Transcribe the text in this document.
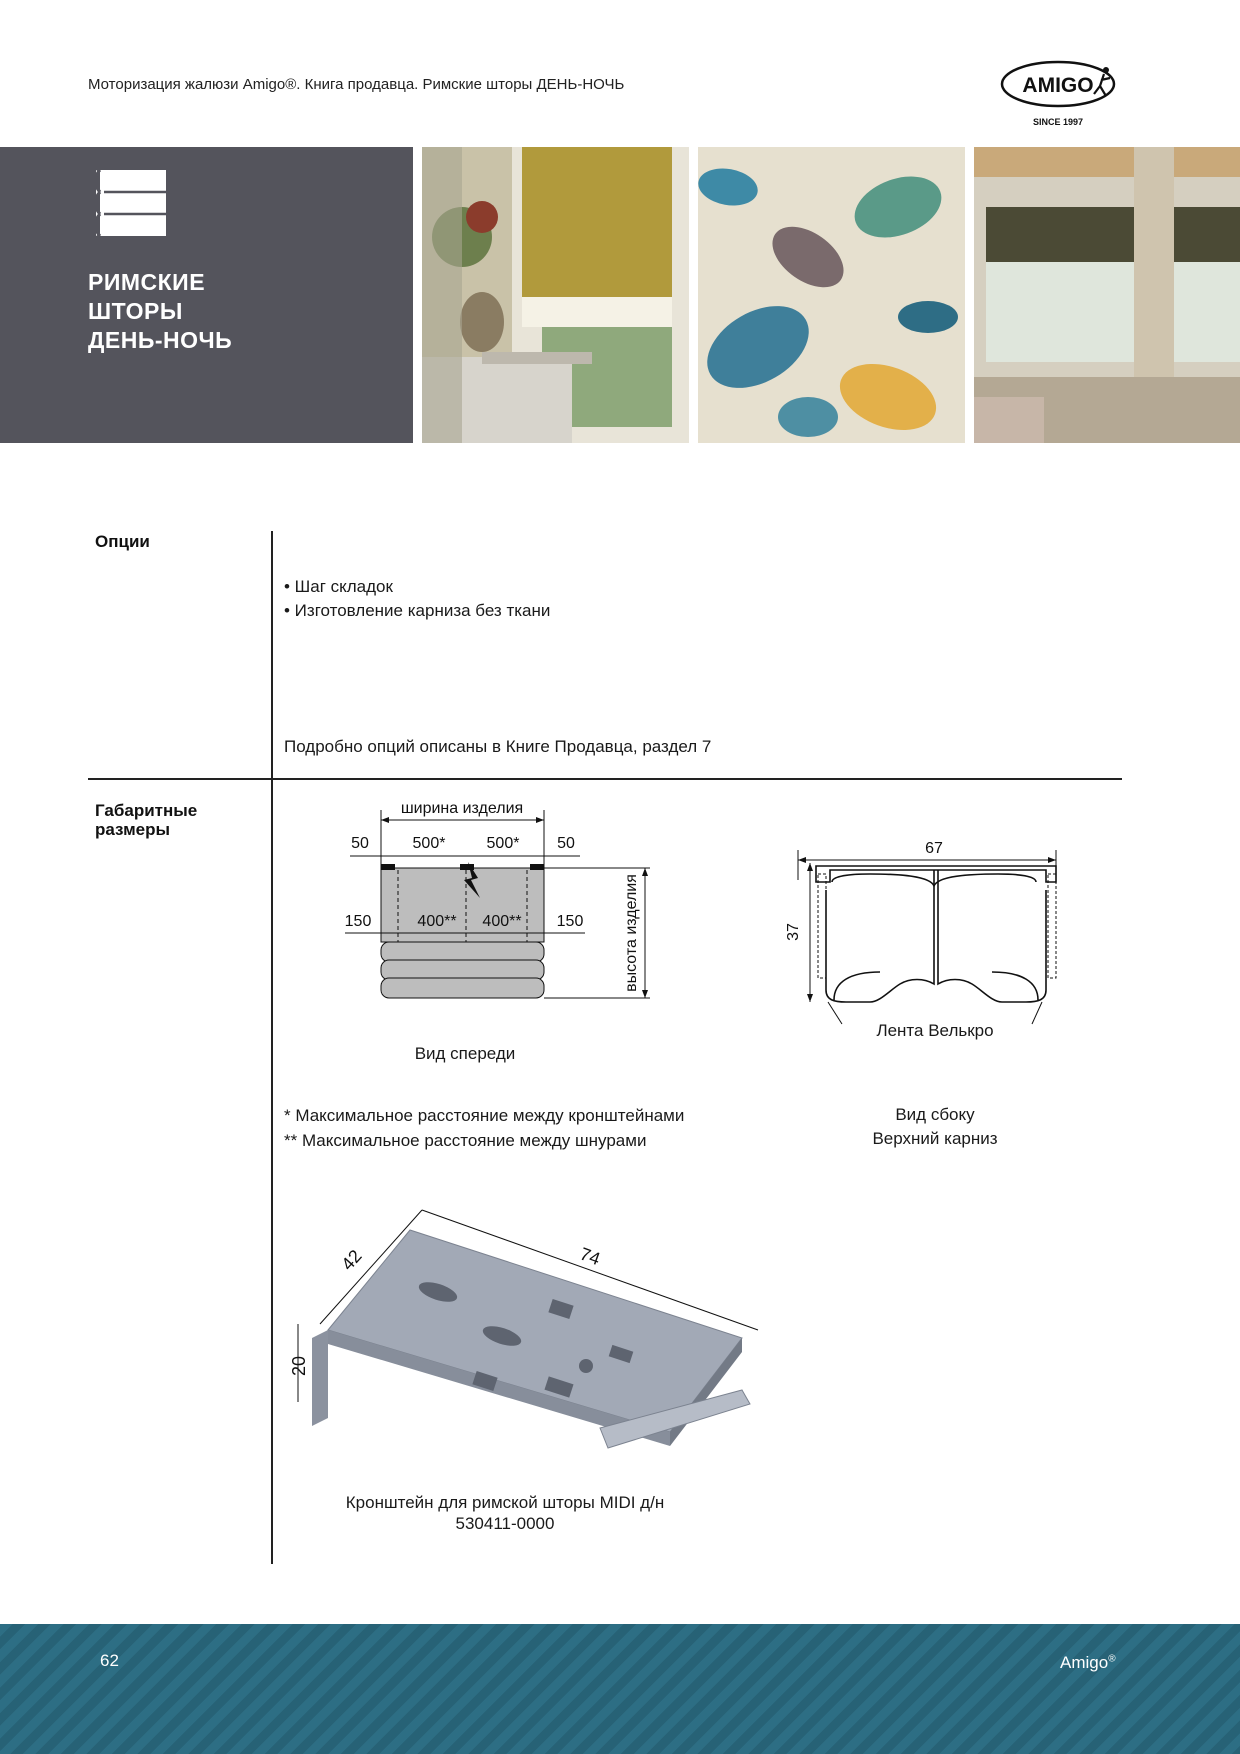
Моторизация жалюзи Amigo®. Книга продавца. Римские шторы ДЕНЬ-НОЧЬ	AMIGO
SINCE 1997
РИМСКИЕ
ШТОРЫ
ДЕНЬ-НОЧЬ
Опции
• Шаг складок
• Изготовление карниза без ткани
Подробно опций описаны в Книге Продавца, раздел 7
Габаритные
размеры
ширина изделия
50	500*	500* 50
150	400** 400** 150 высота изделия
Вид спереди
67
37
Лента Велькро
* Максимальное расстояние между кронштейнами
** Максимальное расстояние между шнурами
Вид сбоку
Верхний карниз
74
42
20
Кронштейн для римской шторы MIDI д/н
530411-0000
62	Amigo®
